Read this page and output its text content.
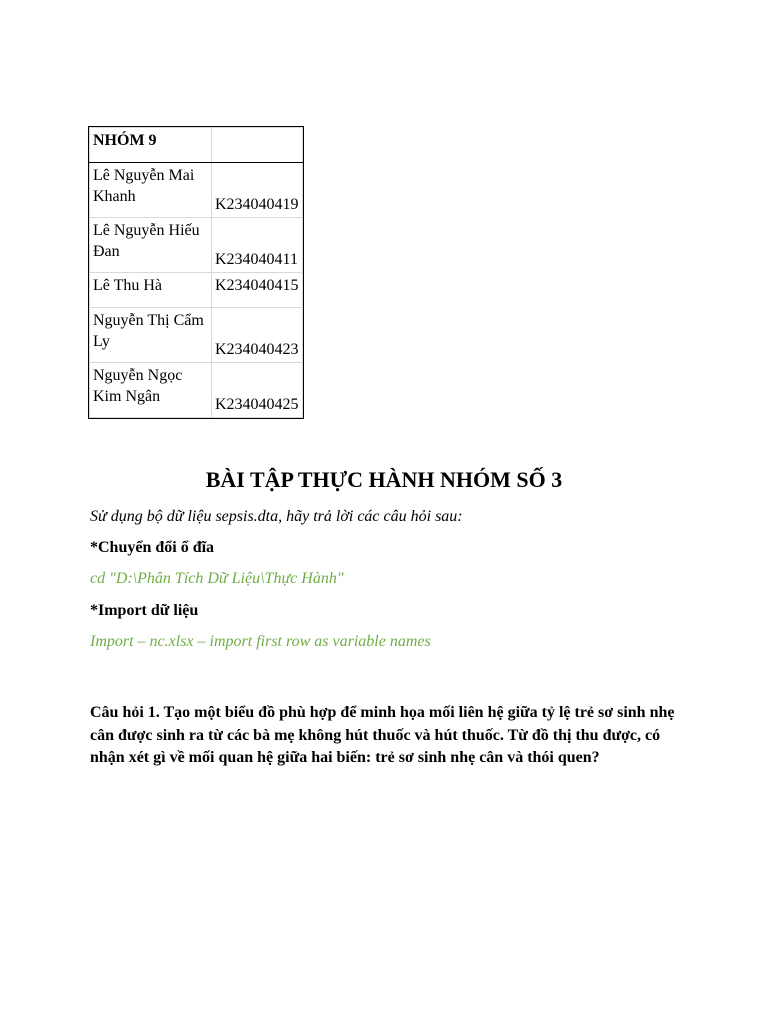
NHÓM 9	
Lê Nguyễn Mai Khanh	K234040419
Lê Nguyễn Hiếu Đan	K234040411
Lê Thu Hà	K234040415
Nguyễn Thị Cẩm Ly	K234040423
Nguyễn Ngọc Kim Ngân	K234040425
BÀI TẬP THỰC HÀNH NHÓM SỐ 3
Sử dụng bộ dữ liệu sepsis.dta, hãy trả lời các câu hỏi sau:
*Chuyển đổi ổ đĩa
cd "D:\Phân Tích Dữ Liệu\Thực Hành"
*Import dữ liệu
Import – nc.xlsx – import first row as variable names
Câu hỏi 1. Tạo một biểu đồ phù hợp để minh họa mối liên hệ giữa tỷ lệ trẻ sơ sinh nhẹ cân được sinh ra từ các bà mẹ không hút thuốc và hút thuốc. Từ đồ thị thu được, có nhận xét gì về mối quan hệ giữa hai biến: trẻ sơ sinh nhẹ cân và thói quen?
